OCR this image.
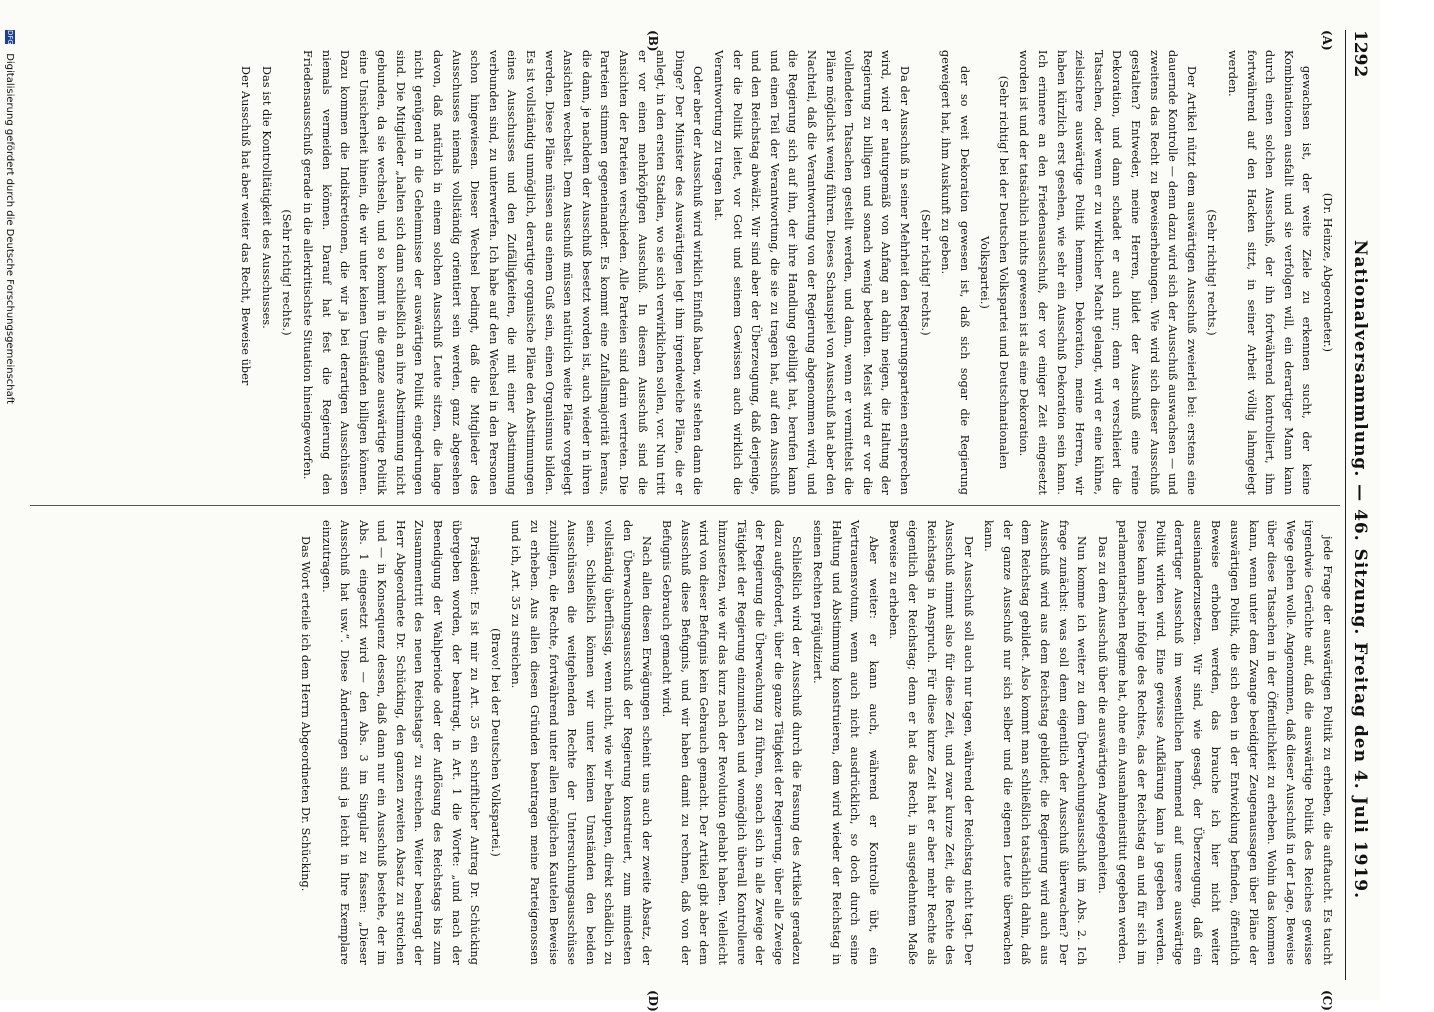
1292
Nationalversammlung. — 46. Sitzung. Freitag den 4. Juli 1919.
(A)
(B)
(C)
(D)

(Dr. Heinze, Abgeordneter.)

gewachsen ist, der weite Ziele zu erkennen sucht, der keine Kombinationen ausfallt und sie verfolgen will, ein derartiger Mann kann durch einen solchen Ausschuß, der ihn fortwährend kontrolliert, ihm fortwährend auf den Hacken sitzt, in seiner Arbeit völlig lahmgelegt werden.

(Sehr richtig! rechts.)

Der Artikel nützt dem auswärtigen Ausschuß zweierlei bei: erstens eine dauernde Kontrolle — denn dazu wird sich der Ausschuß auswachsen — und zweitens das Recht zu Beweiserhebungen. Wie wird sich dieser Ausschuß gestalten? Entweder, meine Herren, bildet der Ausschuß eine reine Dekoration, und dann schadet er auch nur; denn er verschleiert die Tatsachen, oder wenn er zu wirklicher Macht gelangt, wird er eine kühne, zielsichere auswärtige Politik hemmen. Dekoration, meine Herren, wir haben kürzlich erst gesehen, wie sehr ein Ausschuß Dekoration sein kann. Ich erinnere an den Friedensausschuß, der vor einiger Zeit eingesetzt worden ist und der tatsächlich nichts gewesen ist als eine Dekoration.

(Sehr richtig! bei der Deutschen Volkspartei und Deutschnationalen Volkspartei.)

der so weit Dekoration gewesen ist, daß sich sogar die Regierung geweigert hat, ihm Auskunft zu geben.

(Sehr richtig! rechts.)

Da der Ausschuß in seiner Mehrheit den Regierungsparteien entsprechen wird, wird er naturgemäß von Anfang an dahin neigen, die Haltung der Regierung zu billigen und sonach wenig bedeuten. Meist wird er vor die vollendeten Tatsachen gestellt werden, und dann, wenn er vermittelst die Pläne möglichst wenig führen. Dieses Schauspiel von Ausschuß hat aber den Nachteil, daß die Verantwortung von der Regierung abgenommen wird, und die Regierung sich auf ihn, der ihre Handlung gebilligt hat, berufen kann und einen Teil der Verantwortung, die sie zu tragen hat, auf den Ausschuß und den Reichstag abwälzt. Wir sind aber der Überzeugung, daß derjenige, der die Politik leitet, vor Gott und seinem Gewissen auch wirklich die Verantwortung zu tragen hat.

Oder aber der Ausschuß wird wirklich Einfluß haben, wie stehen dann die Dinge? Der Minister des Auswärtigen legt ihm irgendwelche Pläne, die er anlegt, in den ersten Stadien, wo sie sich verwirklichen sollen, vor. Nun tritt er vor einen mehrköpfigen Ausschuß. In diesem Ausschuß sind die Ansichten der Parteien verschieden. Alle Parteien sind darin vertreten. Die Parteien stimmen gegeneinander. Es kommt eine Zufallsmajorität heraus, die dann, je nachdem der Ausschuß besetzt worden ist, auch wieder in ihren Ansichten wechselt. Dem Ausschuß müssen natürlich weite Pläne vorgelegt werden. Diese Pläne müssen aus einem Guß sein, einen Organismus bilden. Es ist vollständig unmöglich, derartige organische Pläne den Abstimmungen eines Ausschusses und den Zufälligkeiten, die mit einer Abstimmung verbunden sind, zu unterwerfen. Ich habe auf den Wechsel in den Personen schon hingewiesen. Dieser Wechsel bedingt, daß die Mitglieder des Ausschusses niemals vollständig orientiert sein werden, ganz abgesehen davon, daß natürlich in einem solchen Ausschuß Leute sitzen, die lange nicht genügend in die Geheimnisse der auswärtigen Politik eingedrungen sind. Die Mitglieder „halten sich dann schließlich an ihre Abstimmung nicht gebunden, da sie wechseln, und so kommt in die ganze auswärtige Politik eine Unsicherheit hinein, die wir unter keinen Umständen billigen können. Dazu kommen die Indiskretionen, die wir ja bei derartigen Ausschüssen niemals vermeiden können. Darauf hat fest die Regierung den Friedensausschuß gerade in die allerkritischste Situation hineingeworfen.

(Sehr richtig! rechts.)

Das ist die Kontrolltätigkeit des Ausschusses.

Der Ausschuß hat aber weiter das Recht, Beweise über

jede Frage der auswärtigen Politik zu erheben, die auftaucht. Es taucht irgendwie Gerüchte auf, daß die auswärtige Politik des Reiches gewisse Wege gehen wolle. Angenommen, daß dieser Ausschuß in der Lage, Beweise über diese Tatsachen in der Öffentlichkeit zu erheben. Wohin das kommen kann, wenn unter dem Zwange beeidigter Zeugenaussagen über Pläne der auswärtigen Politik, die sich eben in der Entwicklung befinden, öffentlich Beweise erhoben werden, das brauche ich hier nicht weiter auseinanderzusetzen. Wir sind, wie gesagt, der Überzeugung, daß ein derartiger Ausschuß im wesentlichen hemmend auf unsere auswärtige Politik wirken wird. Eine gewisse Aufklärung kann ja gegeben werden. Diese kann aber infolge des Rechtes, das der Reichstag an und für sich im parlamentarischen Regime hat, ohne ein Ausnahmeinstitut gegeben werden.

Das zu dem Ausschuß über die auswärtigen Angelegenheiten.

Nun komme ich weiter zu dem Überwachungsausschuß im Abs. 2. Ich frage zunächst: was soll denn eigentlich der Ausschuß überwachen? Der Ausschuß wird aus dem Reichstag gebildet; die Regierung wird auch aus dem Reichstag gebildet. Also kommt man schließlich tatsächlich dahin, daß der ganze Ausschuß nur sich selber und die eigenen Leute überwachen kann.

Der Ausschuß soll auch nur tagen, während der Reichstag nicht tagt. Der Ausschuß nimmt also für diese Zeit, und zwar kurze Zeit, die Rechte des Reichstags in Anspruch. Für diese kurze Zeit hat er aber mehr Rechte als eigentlich der Reichstag; denn er hat das Recht, in ausgedehntem Maße Beweise zu erheben.

Aber weiter: er kann auch, während er Kontrolle übt, ein Vertrauensvotum, wenn auch nicht ausdrücklich, so doch durch seine Haltung und Abstimmung konstruieren, dem wird wieder der Reichstag in seinen Rechten präjudiziert.

Schließlich wird der Ausschuß durch die Fassung des Artikels geradezu dazu aufgefordert, über die ganze Tätigkeit der Regierung, über alle Zweige der Regierung die Überwachung zu führen, sonach sich in alle Zweige der Tätigkeit der Regierung einzumischen und womöglich überall Kontrolleure hinzusetzen, wie wir das kurz nach der Revolution gehabt haben. Vielleicht wird von dieser Befugnis kein Gebrauch gemacht. Der Artikel gibt aber dem Ausschuß diese Befugnis, und wir haben damit zu rechnen, daß von der Befugnis Gebrauch gemacht wird.

Nach allen diesen Erwägungen scheint uns auch der zweite Absatz, der den Überwachungsausschuß der Regierung konstruiert, zum mindesten vollständig überflüssig, wenn nicht, wie wir behaupten, direkt schädlich zu sein. Schließlich können wir unter keinen Umständen den beiden Ausschüssen die weitgehenden Rechte der Untersuchungsausschüsse zubilligen, die Rechte, fortwährend unter allen möglichen Kautelen Beweise zu erheben. Aus allen diesen Gründen beantragen meine Parteigenossen und ich, Art. 35 zu streichen.

(Bravo! bei der Deutschen Volkspartei.)

Präsident: Es ist mir zu Art. 35 ein schriftlicher Antrag Dr. Schücking übergeben worden, der beantragt, in Art. 1 die Worte: „und nach der Beendigung der Wahlperiode oder der Auflösung des Reichstags bis zum Zusammentritt des neuen Reichstags“ zu streichen. Weiter beantragt der Herr Abgeordnete Dr. Schücking, den ganzen zweiten Absatz zu streichen und — in Konsequenz dessen, daß dann nur ein Ausschuß bestehe, der im Abs. 1 eingesetzt wird — den Abs. 3 im Singular zu fassen: „Dieser Ausschuß hat usw.“. Diese Änderungen sind ja leicht in Ihre Exemplare einzutragen.

Das Wort erteile ich dem Herrn Abgeordneten Dr. Schücking.

DFG Digitalisierung gefördert durch die Deutsche Forschungsgemeinschaft
